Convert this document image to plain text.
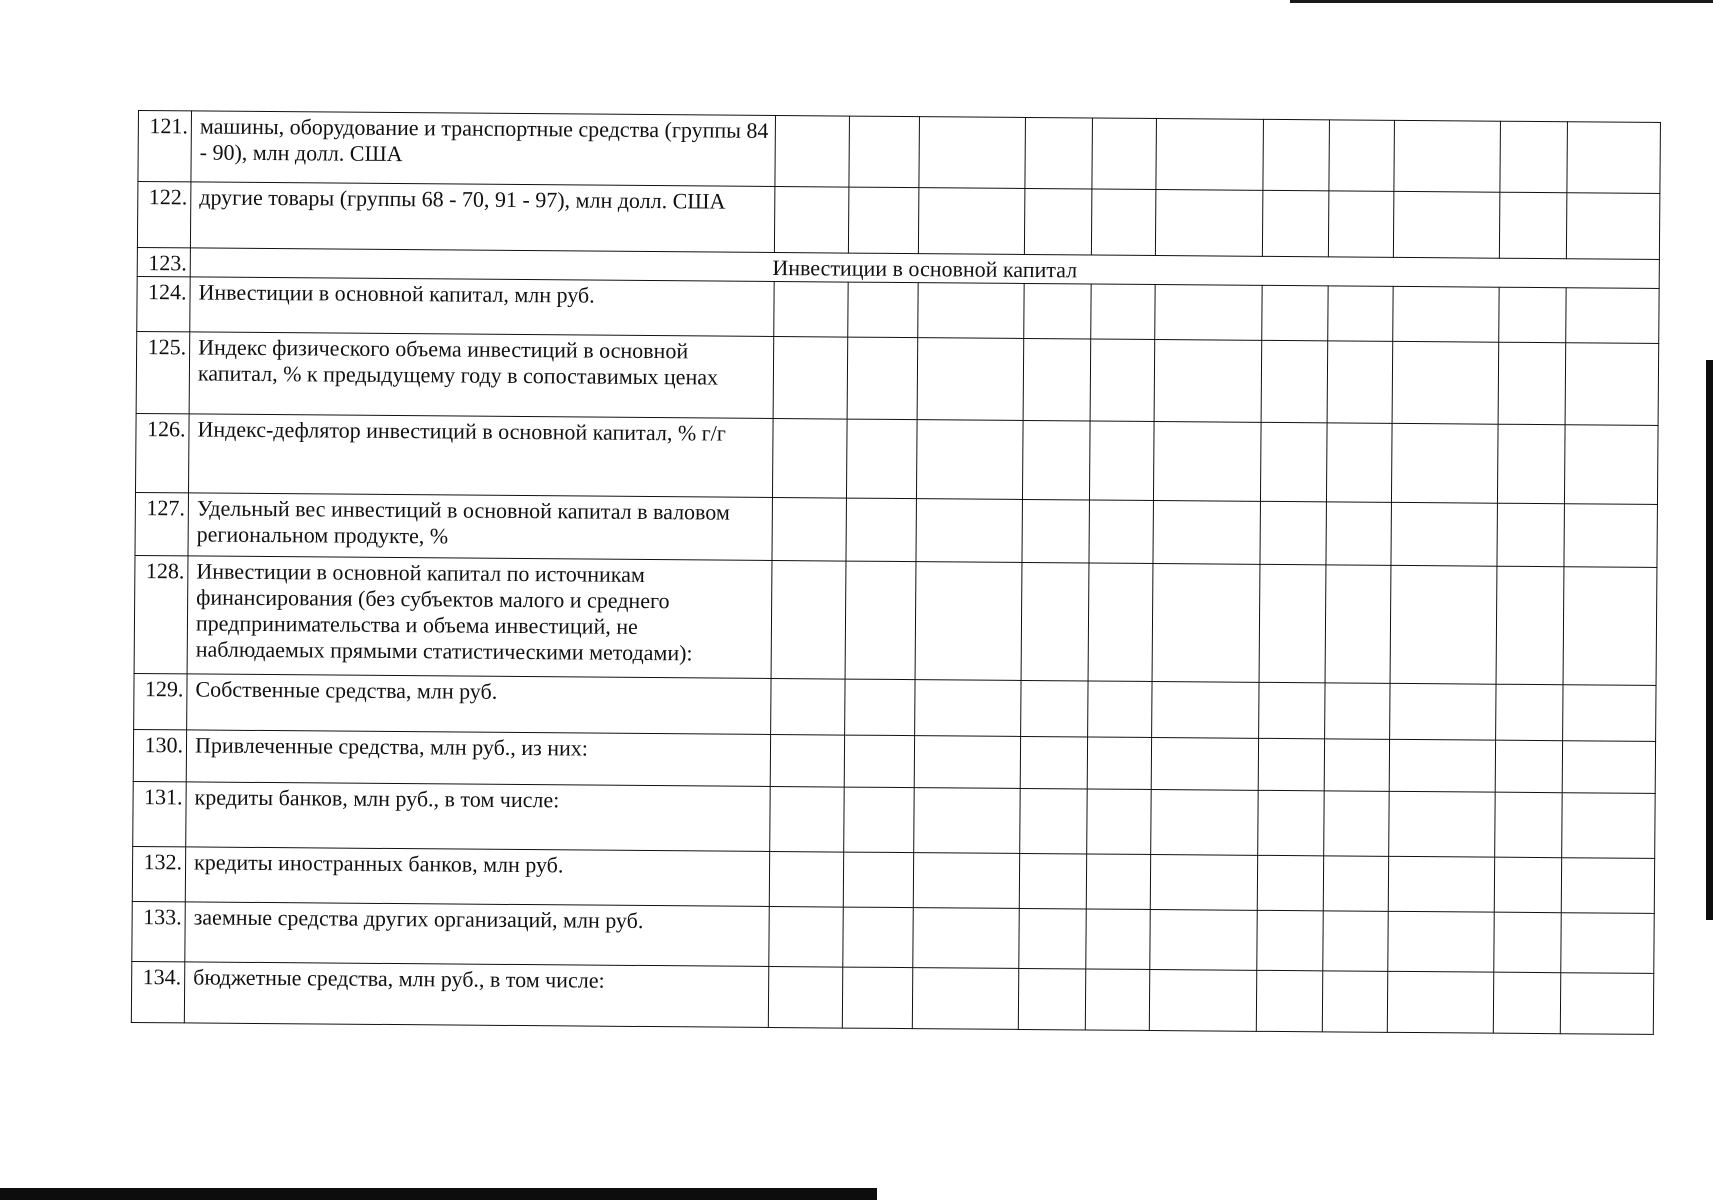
121.	машины, оборудование и транспортные средства (группы 84 - 90), млн долл. США											
122.	другие товары (группы 68 - 70, 91 - 97), млн долл. США											
123.	Инвестиции в основной капитал											
124.	Инвестиции в основной капитал, млн руб.											
125.	Индекс физического объема инвестиций в основной капитал, % к предыдущему году в сопоставимых ценах											
126.	Индекс-дефлятор инвестиций в основной капитал, % г/г											
127.	Удельный вес инвестиций в основной капитал в валовом региональном продукте, %											
128.	Инвестиции в основной капитал по источникам финансирования (без субъектов малого и среднего предпринимательства и объема инвестиций, не наблюдаемых прямыми статистическими методами):											
129.	Собственные средства, млн руб.											
130.	Привлеченные средства, млн руб., из них:											
131.	кредиты банков, млн руб., в том числе:											
132.	кредиты иностранных банков, млн руб.											
133.	заемные средства других организаций, млн руб.											
134.	бюджетные средства, млн руб., в том числе:											
